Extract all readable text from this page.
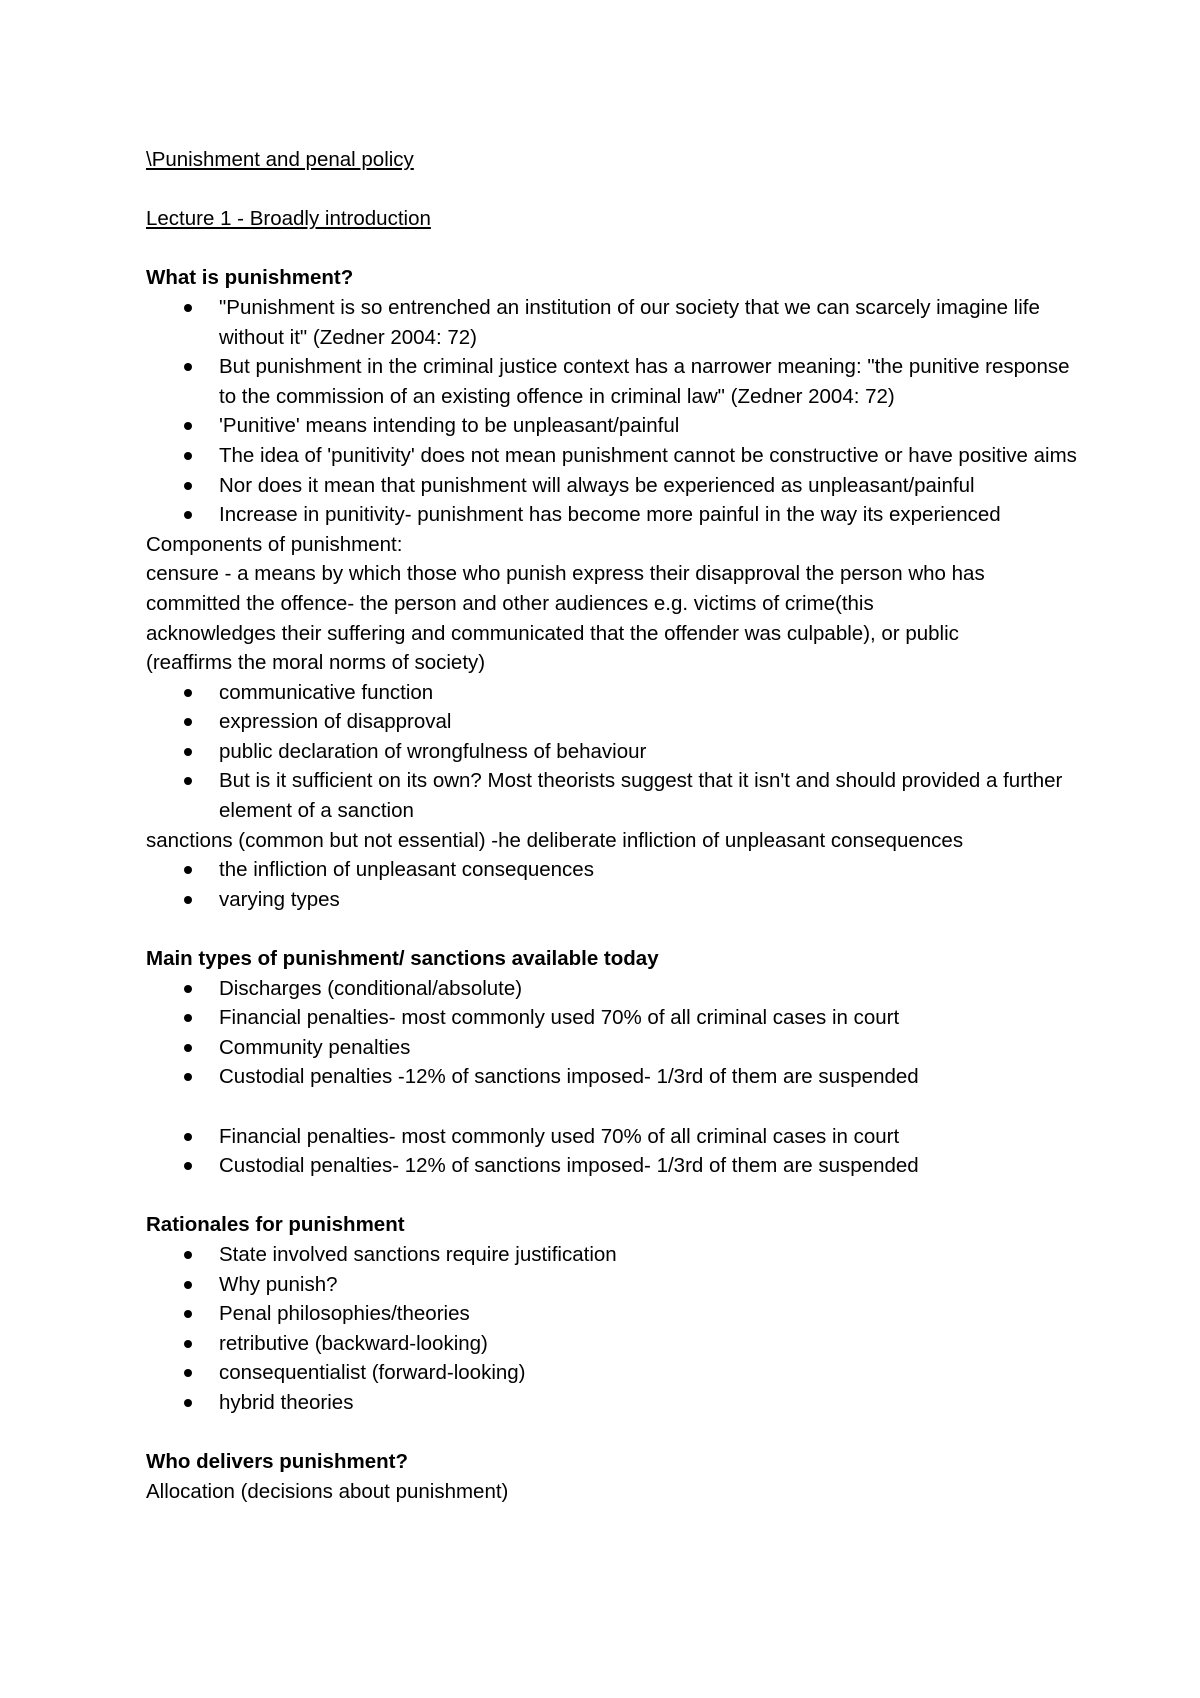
\Punishment and penal policy

Lecture 1 - Broadly introduction

What is punishment?

"Punishment is so entrenched an institution of our society that we can scarcely imagine life without it" (Zedner 2004: 72)
But punishment in the criminal justice context has a narrower meaning: "the punitive response to the commission of an existing offence in criminal law" (Zedner 2004: 72)
'Punitive' means intending to be unpleasant/painful
The idea of 'punitivity' does not mean punishment cannot be constructive or have positive aims
Nor does it mean that punishment will always be experienced as unpleasant/painful
Increase in punitivity- punishment has become more painful in the way its experienced

Components of punishment:

censure - a means by which those who punish express their disapproval the person who has

committed the offence- the person and other audiences e.g. victims of crime(this

acknowledges their suffering and communicated that the offender was culpable), or public

(reaffirms the moral norms of society)

communicative function
expression of disapproval
public declaration of wrongfulness of behaviour
But is it sufficient on its own? Most theorists suggest that it isn't and should provided a further element of a sanction

sanctions (common but not essential) -he deliberate infliction of unpleasant consequences

the infliction of unpleasant consequences
varying types

Main types of punishment/ sanctions available today

Discharges (conditional/absolute)
Financial penalties- most commonly used 70% of all criminal cases in court
Community penalties
Custodial penalties -12% of sanctions imposed- 1/3rd of them are suspended
Financial penalties- most commonly used 70% of all criminal cases in court
Custodial penalties- 12% of sanctions imposed- 1/3rd of them are suspended

Rationales for punishment

State involved sanctions require justification
Why punish?
Penal philosophies/theories
retributive (backward-looking)
consequentialist (forward-looking)
hybrid theories

Who delivers punishment?

Allocation (decisions about punishment)
